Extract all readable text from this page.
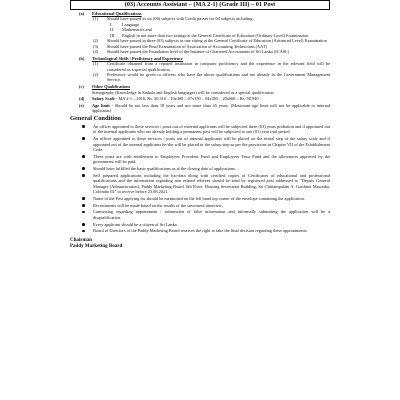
(03) Accounts Assistant – (MA 2-1) (Grade III) – 01 Post
(a) Educational Qualifications
(1) Should have passed in six (06) subjects with Credit passes for 04 subjects including:
I. Language
II. Mathematics and
III. English in not more than two sittings at the General Certificate of Education (Ordinary Level) Examination
(2) Should have passed in three (03) subjects in one sitting at the General Certificate of Education (Advanced Level) Examination
(3) Should have passed the Final Examination of Association of Accounting Technicians (AAT)
(4) Should have passed the Foundation level of the Institute of Chartered Accountants of Sri Lanka (ICASL)
(b) Technological Skills / Proficiency and Experience
(1) Certificate obtained from a reputed institution in computer proficiency and the experience in the relevant field will be considered as a special qualification.
(2) Preference would be given to officers who have the above qualifications and are already in the Government Management Service.
(c) Other Qualifications
Stenography (Knowledge in Sinhala and English languages) will be considered as a special qualification.
(d) Salary Scale - MA 2-1 – 2016, Rs. 30,310 – 10x300 – 07x350 – 04x495 – 20x660 – Rs. 50,940
(e) Age limit - Should be not less than 18 years and not more than 45 years. (Maximum age limit will not be applicable to internal applicants)
General Condition
An officer appointed to these services / posts out of external applicants will be subjected three (03) years probation and if appointed out of the internal applicants who are already holding a permanent post will be subjected to one (01) year trial period.
An officer appointed to these services / posts out of internal applicants will be placed on the initial step of the salary scale and if appointed out of the internal applicants he/she will be placed in the salary step as per the provisions in Chapter VII of the Establishment Code.
These posts are with entitlement to Employees Provident Fund and Employees Trust Fund and the allowances approved by the government will be paid.
Should have fulfilled the basic qualifications as at the closing date of applications.
Self prepared applications including the bio-data along with certified copies of Certificates of educational and professional qualifications and the information regarding non related referees should be send by registered post addressed to "Deputy General Manager (Administration), Paddy Marketing Board, 6th Floor, Housing Secretariat Building, Sri Chittampalam A. Gardiner Mawatha, Colombo 02" to receive before 23.08.2021.
Name of the Post applying for should be mentioned on the left hand top corner of the envelope containing the application.
Recruitments will be made based on the results of the structured interview.
Canvassing regarding appointment / submission of false information and informally submitting the application will be a disqualification.
Every applicant should be a citizen of Sri Lanka.
Board of Directors of the Paddy Marketing Board reserves the right to take the final decision regarding these appointments.
Chairman
Paddy Marketing Board
